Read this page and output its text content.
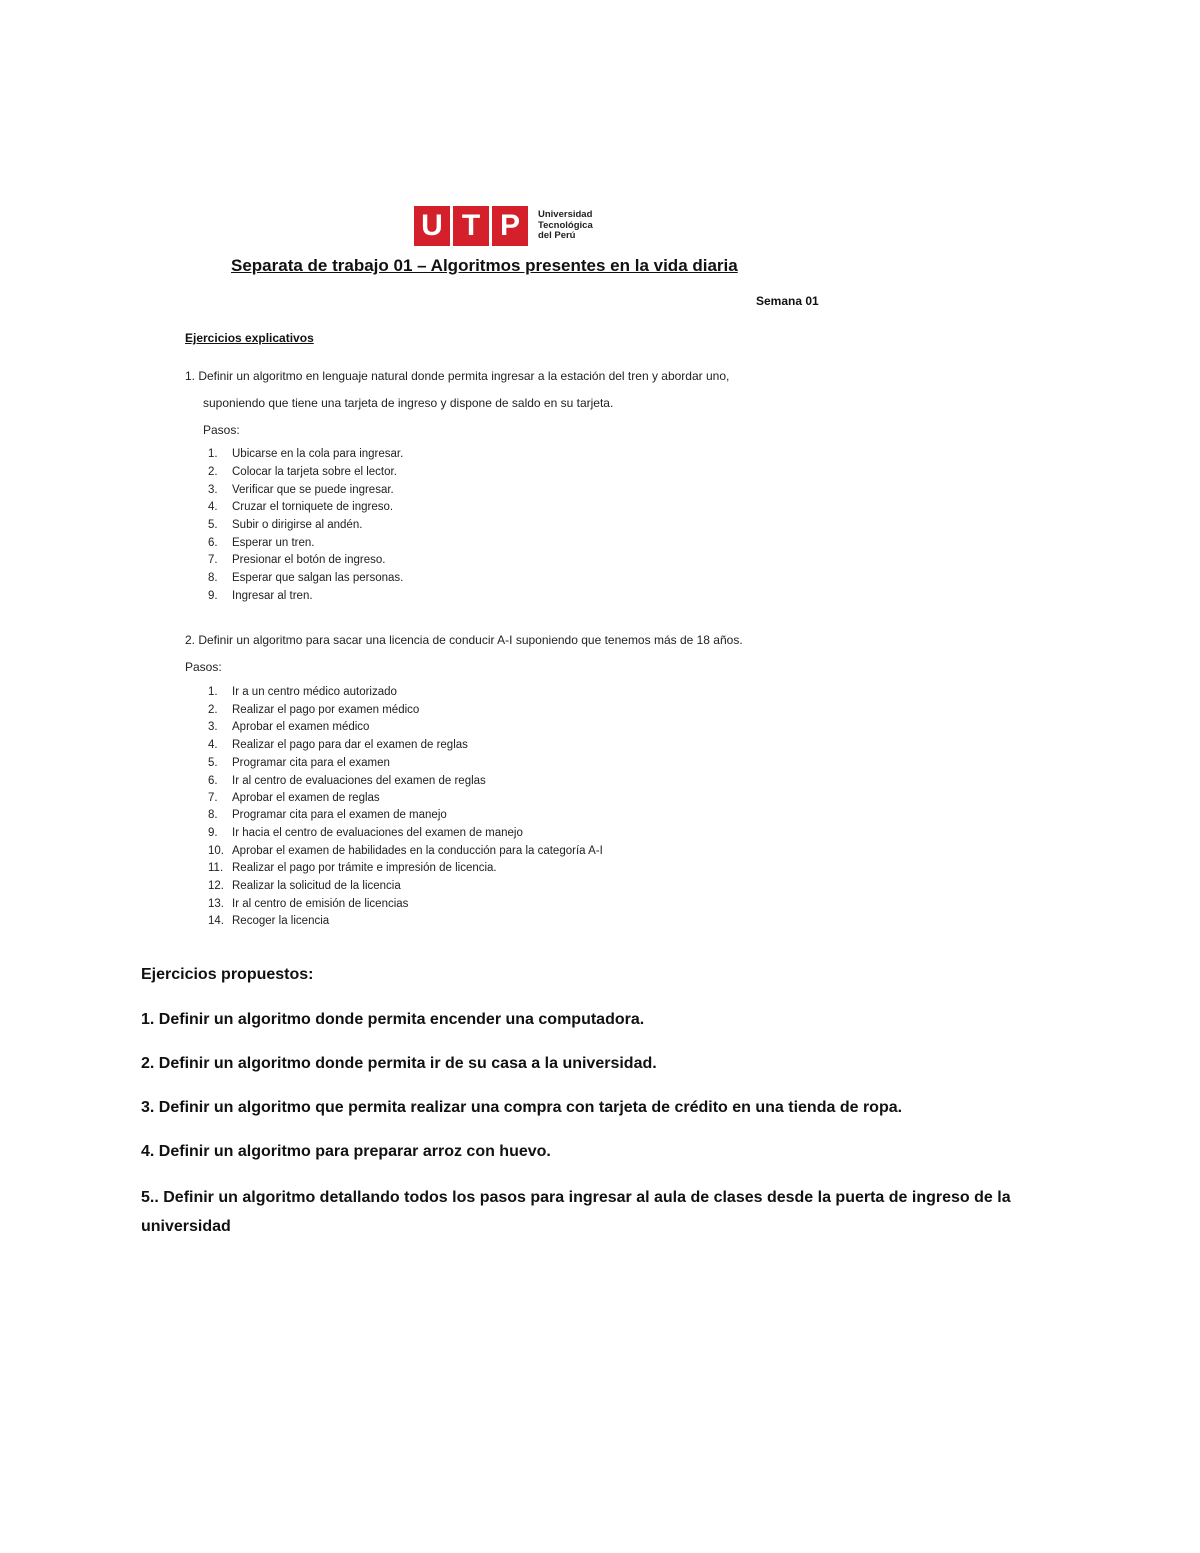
U T P	Universidad
Tecnológica
del Perú
Separata de trabajo 01 – Algoritmos presentes en la vida diaria
Semana 01
Ejercicios explicativos
1. Definir un algoritmo en lenguaje natural donde permita ingresar a la estación del tren y abordar uno,
suponiendo que tiene una tarjeta de ingreso y dispone de saldo en su tarjeta.
Pasos:
1. Ubicarse en la cola para ingresar.
2. Colocar la tarjeta sobre el lector.
3. Verificar que se puede ingresar.
4. Cruzar el torniquete de ingreso.
5. Subir o dirigirse al andén.
6. Esperar un tren.
7. Presionar el botón de ingreso.
8. Esperar que salgan las personas.
9. Ingresar al tren.
2. Definir un algoritmo para sacar una licencia de conducir A-I suponiendo que tenemos más de 18 años.
Pasos:
1. Ir a un centro médico autorizado
2. Realizar el pago por examen médico
3. Aprobar el examen médico
4. Realizar el pago para dar el examen de reglas
5. Programar cita para el examen
6. Ir al centro de evaluaciones del examen de reglas
7. Aprobar el examen de reglas
8. Programar cita para el examen de manejo
9. Ir hacia el centro de evaluaciones del examen de manejo
10. Aprobar el examen de habilidades en la conducción para la categoría A-I
11. Realizar el pago por trámite e impresión de licencia.
12. Realizar la solicitud de la licencia
13. Ir al centro de emisión de licencias
14. Recoger la licencia
Ejercicios propuestos:
1. Definir un algoritmo donde permita encender una computadora.
2. Definir un algoritmo donde permita ir de su casa a la universidad.
3. Definir un algoritmo que permita realizar una compra con tarjeta de crédito en una tienda de ropa.
4. Definir un algoritmo para preparar arroz con huevo.
5.. Definir un algoritmo detallando todos los pasos para ingresar al aula de clases desde la puerta de ingreso de la universidad
